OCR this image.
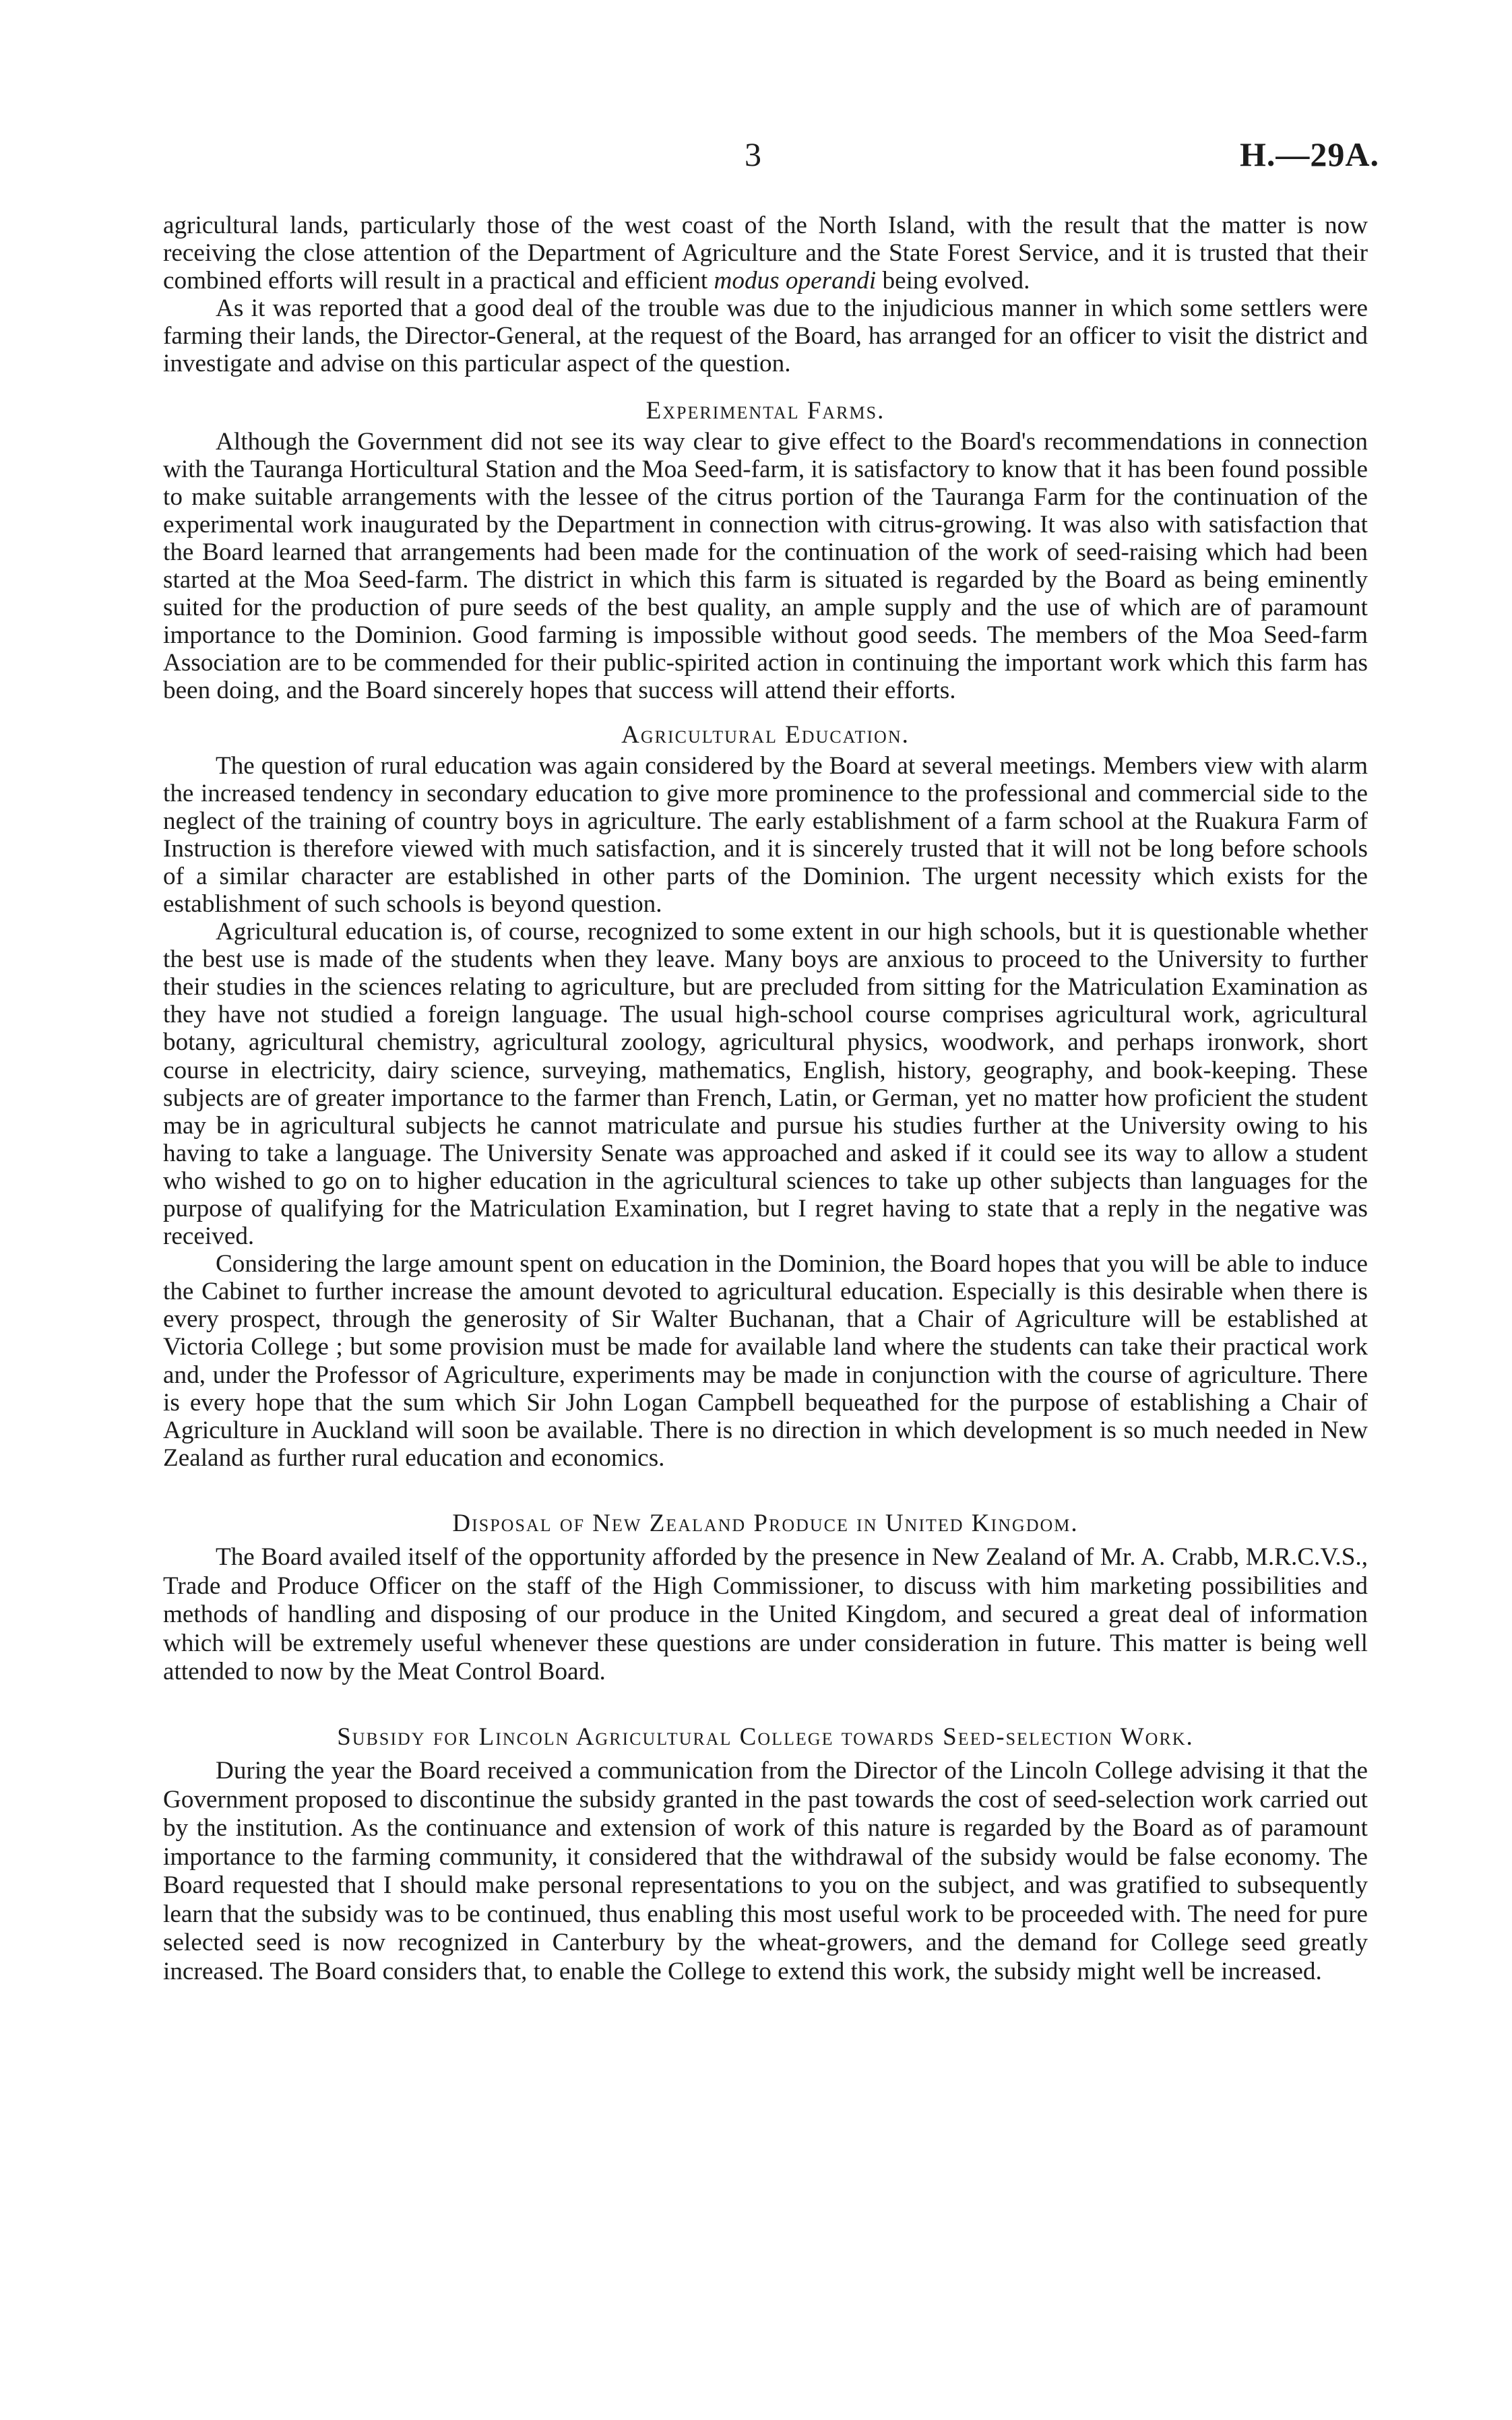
3	H.—29A.

agricultural lands, particularly those of the west coast of the North Island, with the result that the matter is now receiving the close attention of the Department of Agriculture and the State Forest Service, and it is trusted that their combined efforts will result in a practical and efficient modus operandi being evolved.

As it was reported that a good deal of the trouble was due to the injudicious manner in which some settlers were farming their lands, the Director-General, at the request of the Board, has arranged for an officer to visit the district and investigate and advise on this particular aspect of the question.

Experimental Farms.

Although the Government did not see its way clear to give effect to the Board's recommendations in connection with the Tauranga Horticultural Station and the Moa Seed-farm, it is satisfactory to know that it has been found possible to make suitable arrangements with the lessee of the citrus portion of the Tauranga Farm for the continuation of the experimental work inaugurated by the Department in connection with citrus-growing. It was also with satisfaction that the Board learned that arrangements had been made for the continuation of the work of seed-raising which had been started at the Moa Seed-farm. The district in which this farm is situated is regarded by the Board as being eminently suited for the production of pure seeds of the best quality, an ample supply and the use of which are of paramount importance to the Dominion. Good farming is impossible without good seeds. The members of the Moa Seed-farm Association are to be commended for their public-spirited action in continuing the important work which this farm has been doing, and the Board sincerely hopes that success will attend their efforts.

Agricultural Education.

The question of rural education was again considered by the Board at several meetings. Members view with alarm the increased tendency in secondary education to give more prominence to the professional and commercial side to the neglect of the training of country boys in agriculture. The early establishment of a farm school at the Ruakura Farm of Instruction is therefore viewed with much satisfaction, and it is sincerely trusted that it will not be long before schools of a similar character are established in other parts of the Dominion. The urgent necessity which exists for the establishment of such schools is beyond question.

Agricultural education is, of course, recognized to some extent in our high schools, but it is questionable whether the best use is made of the students when they leave. Many boys are anxious to proceed to the University to further their studies in the sciences relating to agriculture, but are precluded from sitting for the Matriculation Examination as they have not studied a foreign language. The usual high-school course comprises agricultural work, agricultural botany, agricultural chemistry, agricultural zoology, agricultural physics, woodwork, and perhaps ironwork, short course in electricity, dairy science, surveying, mathematics, English, history, geography, and book-keeping. These subjects are of greater importance to the farmer than French, Latin, or German, yet no matter how proficient the student may be in agricultural subjects he cannot matriculate and pursue his studies further at the University owing to his having to take a language. The University Senate was approached and asked if it could see its way to allow a student who wished to go on to higher education in the agricultural sciences to take up other subjects than languages for the purpose of qualifying for the Matriculation Examination, but I regret having to state that a reply in the negative was received.

Considering the large amount spent on education in the Dominion, the Board hopes that you will be able to induce the Cabinet to further increase the amount devoted to agricultural education. Especially is this desirable when there is every prospect, through the generosity of Sir Walter Buchanan, that a Chair of Agriculture will be established at Victoria College ; but some provision must be made for available land where the students can take their practical work and, under the Professor of Agriculture, experiments may be made in conjunction with the course of agriculture. There is every hope that the sum which Sir John Logan Campbell bequeathed for the purpose of establishing a Chair of Agriculture in Auckland will soon be available. There is no direction in which development is so much needed in New Zealand as further rural education and economics.

Disposal of New Zealand Produce in United Kingdom.

The Board availed itself of the opportunity afforded by the presence in New Zealand of Mr. A. Crabb, M.R.C.V.S., Trade and Produce Officer on the staff of the High Commissioner, to discuss with him marketing possibilities and methods of handling and disposing of our produce in the United Kingdom, and secured a great deal of information which will be extremely useful whenever these questions are under consideration in future. This matter is being well attended to now by the Meat Control Board.

Subsidy for Lincoln Agricultural College towards Seed-selection Work.

During the year the Board received a communication from the Director of the Lincoln College advising it that the Government proposed to discontinue the subsidy granted in the past towards the cost of seed-selection work carried out by the institution. As the continuance and extension of work of this nature is regarded by the Board as of paramount importance to the farming community, it considered that the withdrawal of the subsidy would be false economy. The Board requested that I should make personal representations to you on the subject, and was gratified to subsequently learn that the subsidy was to be continued, thus enabling this most useful work to be proceeded with. The need for pure selected seed is now recognized in Canterbury by the wheat-growers, and the demand for College seed greatly increased. The Board considers that, to enable the College to extend this work, the subsidy might well be increased.
